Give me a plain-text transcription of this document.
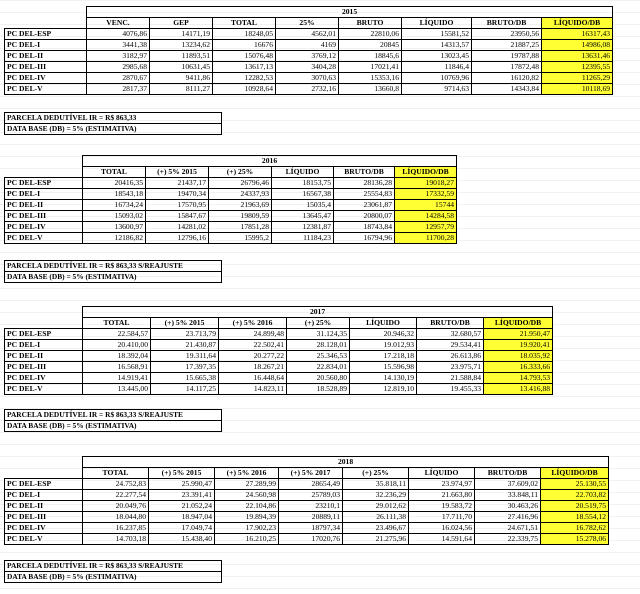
	2015							
	VENC.	GEP	TOTAL	25%	BRUTO	LÍQUIDO	BRUTO/DB	LÍQUIDO/DB
PC DEL-ESP	4076,86	14171,19	18248,05	4562,01	22810,06	15581,52	23950,56	16317,43
PC DEL-I	3441,38	13234,62	16676	4169	20845	14313,57	21887,25	14986,08
PC DEL-II	3182,97	11893,51	15076,48	3769,12	18845,6	13023,45	19787,88	13631,46
PC DEL-III	2985,68	10631,45	13617,13	3404,28	17021,41	11846,4	17872,48	12395,55
PC DEL-IV	2870,67	9411,86	12282,53	3070,63	15353,16	10769,96	16120,82	11265,29
PC DEL-V	2817,37	8111,27	10928,64	2732,16	13660,8	9714,63	14343,84	10118,69
PARCELA DEDUTÍVEL IR = R$ 863,33
DATA BASE (DB) = 5% (ESTIMATIVA)
	2016					
	TOTAL	(+) 5% 2015	(+) 25%	LÍQUIDO	BRUTO/DB	LÍQUIDO/DB
PC DEL-ESP	20416,35	21437,17	26796,46	18153,75	28136,28	19018,27
PC DEL-I	18543,18	19470,34	24337,93	16567,38	25554,83	17332,59
PC DEL-II	16734,24	17570,95	21963,69	15035,4	23061,87	15744
PC DEL-III	15093,02	15847,67	19809,59	13645,47	20800,07	14284,58
PC DEL-IV	13600,97	14281,02	17851,28	12381,87	18743,84	12957,79
PC DEL-V	12186,82	12796,16	15995,2	11184,23	16794,96	11700,28
PARCELA DEDUTÍVEL IR = R$ 863,33 S/REAJUSTE
DATA BASE (DB) = 5% (ESTIMATIVA)
	2017						
	TOTAL	(+) 5% 2015	(+) 5% 2016	(+) 25%	LÍQUIDO	BRUTO/DB	LÍQUIDO/DB
PC DEL-ESP	22.584,57	23.713,79	24.899,48	31.124,35	20.946,32	32.680,57	21.950,47
PC DEL-I	20.410,00	21.430,87	22.502,41	28.128,01	19.012,93	29.534,41	19.920,41
PC DEL-II	18.392,04	19.311,64	20.277,22	25.346,53	17.218,18	26.613,86	18.035,92
PC DEL-III	16.568,91	17.397,35	18.267,21	22.834,01	15.596,98	23.975,71	16.333,66
PC DEL-IV	14.919,41	15.665,38	16.448,64	20.560,80	14.130,19	21.588,84	14.793,53
PC DEL-V	13.445,00	14.117,25	14.823,11	18.528,89	12.819,10	19.455,33	13.416,88
PARCELA DEDUTÍVEL IR = R$ 863,33 S/REAJUSTE
DATA BASE (DB) = 5% (ESTIMATIVA)
	2018							
	TOTAL	(+) 5% 2015	(+) 5% 2016	(+) 5% 2017	(+) 25%	LÍQUIDO	BRUTO/DB	LÍQUIDO/DB
PC DEL-ESP	24.752,83	25.990,47	27.289,99	28654,49	35.818,11	23.974,97	37.609,02	25.130,55
PC DEL-I	22.277,54	23.391,41	24.560,98	25789,03	32.236,29	21.663,80	33.848,11	22.703,82
PC DEL-II	20.049,76	21.052,24	22.104,86	23210,1	29.012,62	19.583,72	30.463,26	20.519,75
PC DEL-III	18.044,80	18.947,04	19.894,39	20889,11	26.111,38	17.711,70	27.416,96	18.554,12
PC DEL-IV	16.237,85	17.049,74	17.902,23	18797,34	23.496,67	16.024,56	24.671,51	16.782,62
PC DEL-V	14.703,18	15.438,40	16.210,25	17020,76	21.275,96	14.591,64	22.339,75	15.278,06
PARCELA DEDUTÍVEL IR = R$ 863,33 S/REAJUSTE
DATA BASE (DB) = 5% (ESTIMATIVA)
